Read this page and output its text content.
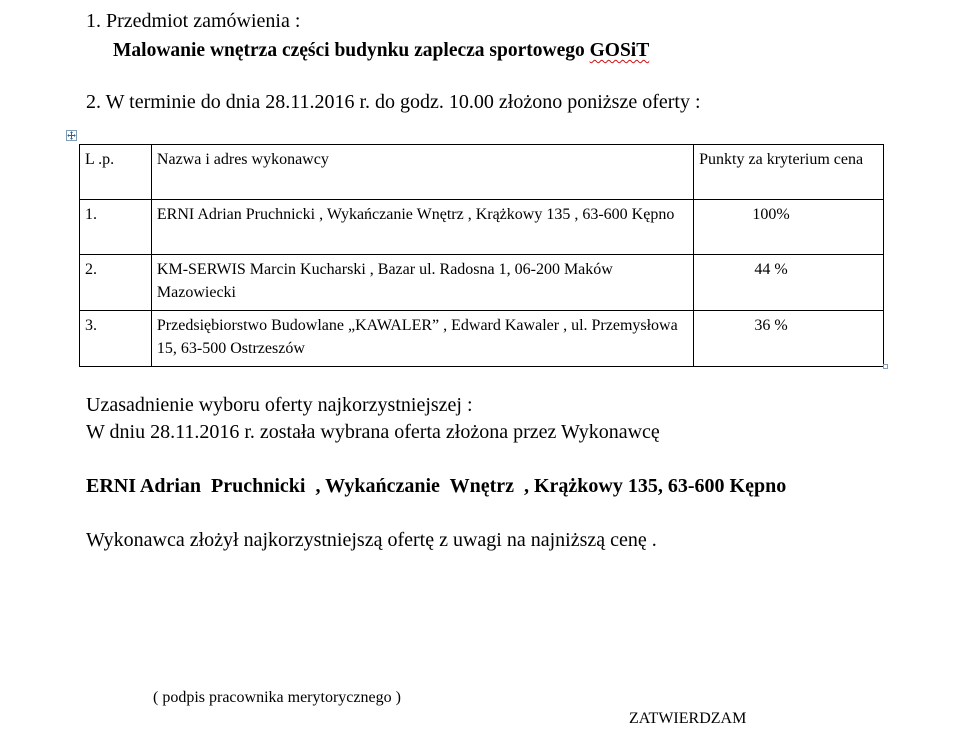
1. Przedmiot zamówienia :
Malowanie wnętrza części budynku zaplecza sportowego GOSiT
2. W terminie do dnia 28.11.2016 r. do godz. 10.00 złożono poniższe oferty :
L .p.	Nazwa i adres wykonawcy	Punkty za kryterium cena
1.	ERNI Adrian Pruchnicki , Wykańczanie Wnętrz , Krążkowy 135 , 63-600 Kępno	100%
2.	KM-SERWIS Marcin Kucharski , Bazar ul. Radosna 1, 06-200 Maków Mazowiecki	44 %
3.	Przedsiębiorstwo Budowlane „KAWALER” , Edward Kawaler , ul. Przemysłowa 15, 63-500 Ostrzeszów	36 %
Uzasadnienie wyboru oferty najkorzystniejszej :
W dniu 28.11.2016 r. została wybrana oferta złożona przez Wykonawcę
ERNI Adrian  Pruchnicki  , Wykańczanie  Wnętrz  , Krążkowy 135, 63-600 Kępno
Wykonawca złożył najkorzystniejszą ofertę z uwagi na najniższą cenę .
( podpis pracownika merytorycznego )
ZATWIERDZAM
